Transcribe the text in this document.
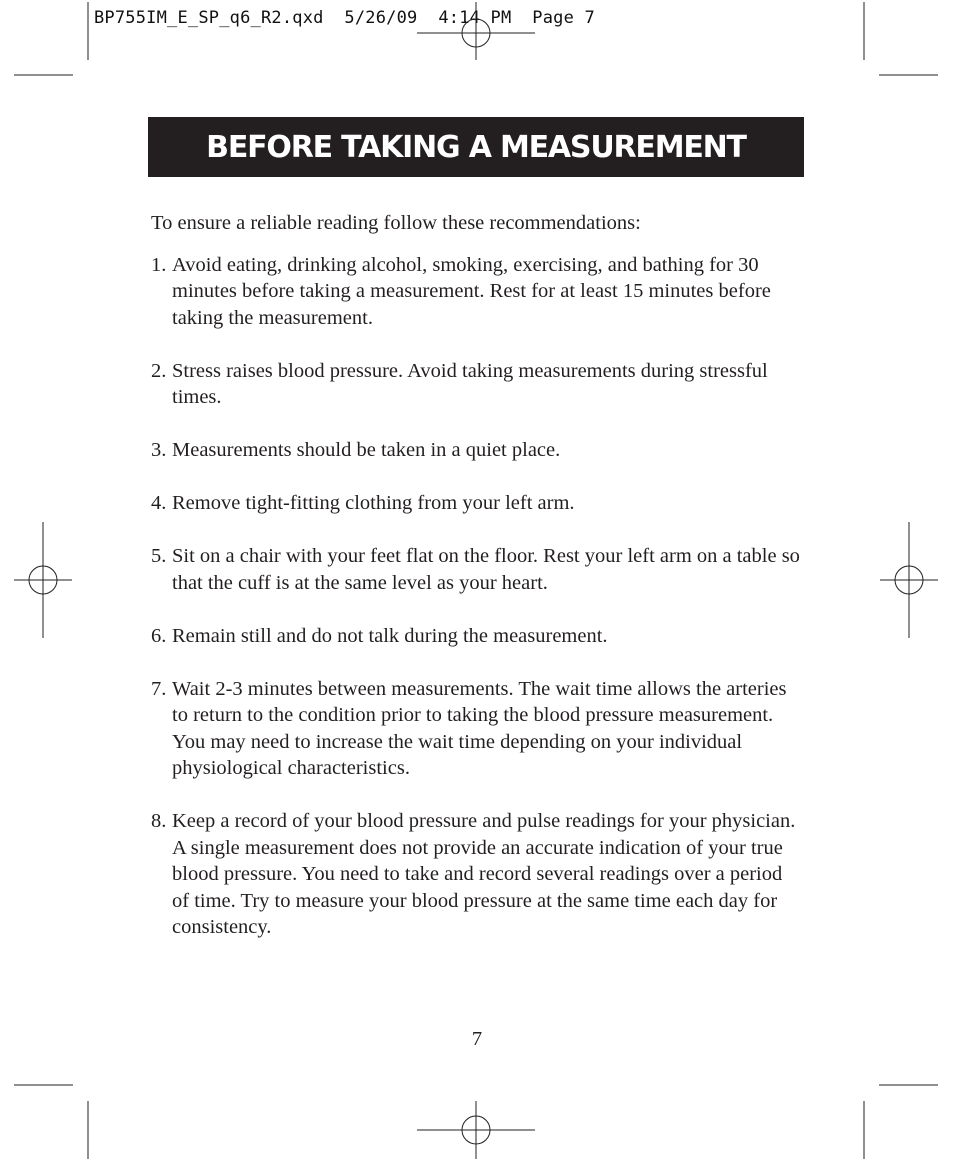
BP755IM_E_SP_q6_R2.qxd  5/26/09  4:14 PM  Page 7
BEFORE TAKING A MEASUREMENT

To ensure a reliable reading follow these recommendations:

1. Avoid eating, drinking alcohol, smoking, exercising, and bathing for 30 minutes before taking a measurement. Rest for at least 15 minutes before taking the measurement.
2. Stress raises blood pressure. Avoid taking measurements during stressful times.
3. Measurements should be taken in a quiet place.
4. Remove tight-fitting clothing from your left arm.
5. Sit on a chair with your feet flat on the floor. Rest your left arm on a table so that the cuff is at the same level as your heart.
6. Remain still and do not talk during the measurement.
7. Wait 2-3 minutes between measurements. The wait time allows the arteries to return to the condition prior to taking the blood pressure measurement. You may need to increase the wait time depending on your individual physiological characteristics.
8. Keep a record of your blood pressure and pulse readings for your physician. A single measurement does not provide an accurate indication of your true blood pressure. You need to take and record several readings over a period of time. Try to measure your blood pressure at the same time each day for consistency.
7
